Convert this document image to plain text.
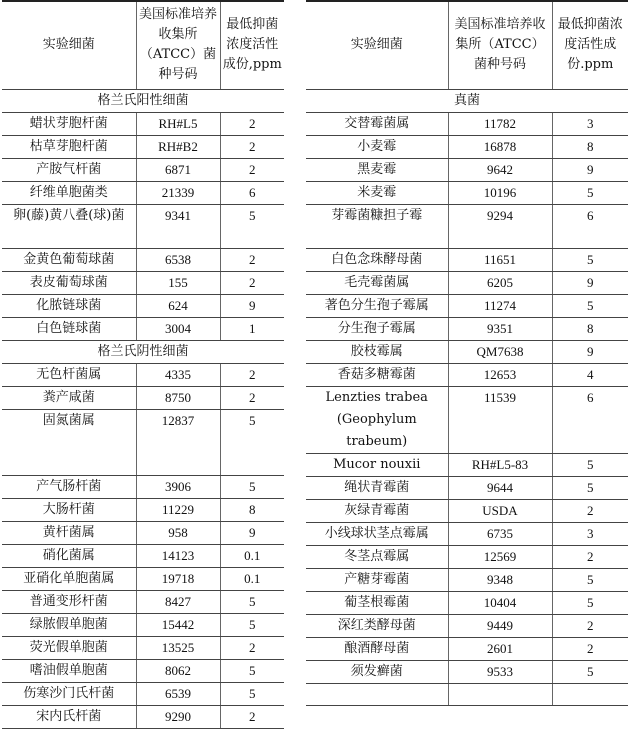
实验细菌	美国标准培养收集所（ATCC）菌种号码	最低抑菌浓度活性成份,ppm
格兰氏阳性细菌		
蜡状芽胞杆菌	RH#L5	2
枯草芽胞杆菌	RH#B2	2
产胺气杆菌	6871	2
纤维单胞菌类	21339	6
卵(藤)黄八叠(球)菌	9341	5
金黄色葡萄球菌	6538	2
表皮葡萄球菌	155	2
化脓链球菌	624	9
白色链球菌	3004	1
格兰氏阴性细菌		
无色杆菌属	4335	2
粪产咸菌	8750	2
固氮菌属	12837	5
产气肠杆菌	3906	5
大肠杆菌	11229	8
黄杆菌属	958	9
硝化菌属	14123	0.1
亚硝化单胞菌属	19718	0.1
普通变形杆菌	8427	5
绿脓假单胞菌	15442	5
荧光假单胞菌	13525	2
嗜油假单胞菌	8062	5
伤寒沙门氏杆菌	6539	5
宋内氏杆菌	9290	2
实验细菌	美国标准培养收集所（ATCC）菌种号码	最低抑菌浓度活性成份.ppm
真菌		
交替霉菌属	11782	3
小麦霉	16878	8
黑麦霉	9642	9
米麦霉	10196	5
芽霉菌糠担子霉	9294	6
白色念珠酵母菌	11651	5
毛壳霉菌属	6205	9
著色分生孢子霉属	11274	5
分生孢子霉属	9351	8
胶枝霉属	QM7638	9
香菇多糖霉菌	12653	4
Lenzties trabea (Geophylum trabeum)	11539	6
Mucor nouxii	RH#L5-83	5
绳状青霉菌	9644	5
灰绿青霉菌	USDA	2
小线球状茎点霉属	6735	3
冬茎点霉属	12569	2
产糖芽霉菌	9348	5
葡茎根霉菌	10404	5
深红类酵母菌	9449	2
酿酒酵母菌	2601	2
须发癣菌	9533	5
